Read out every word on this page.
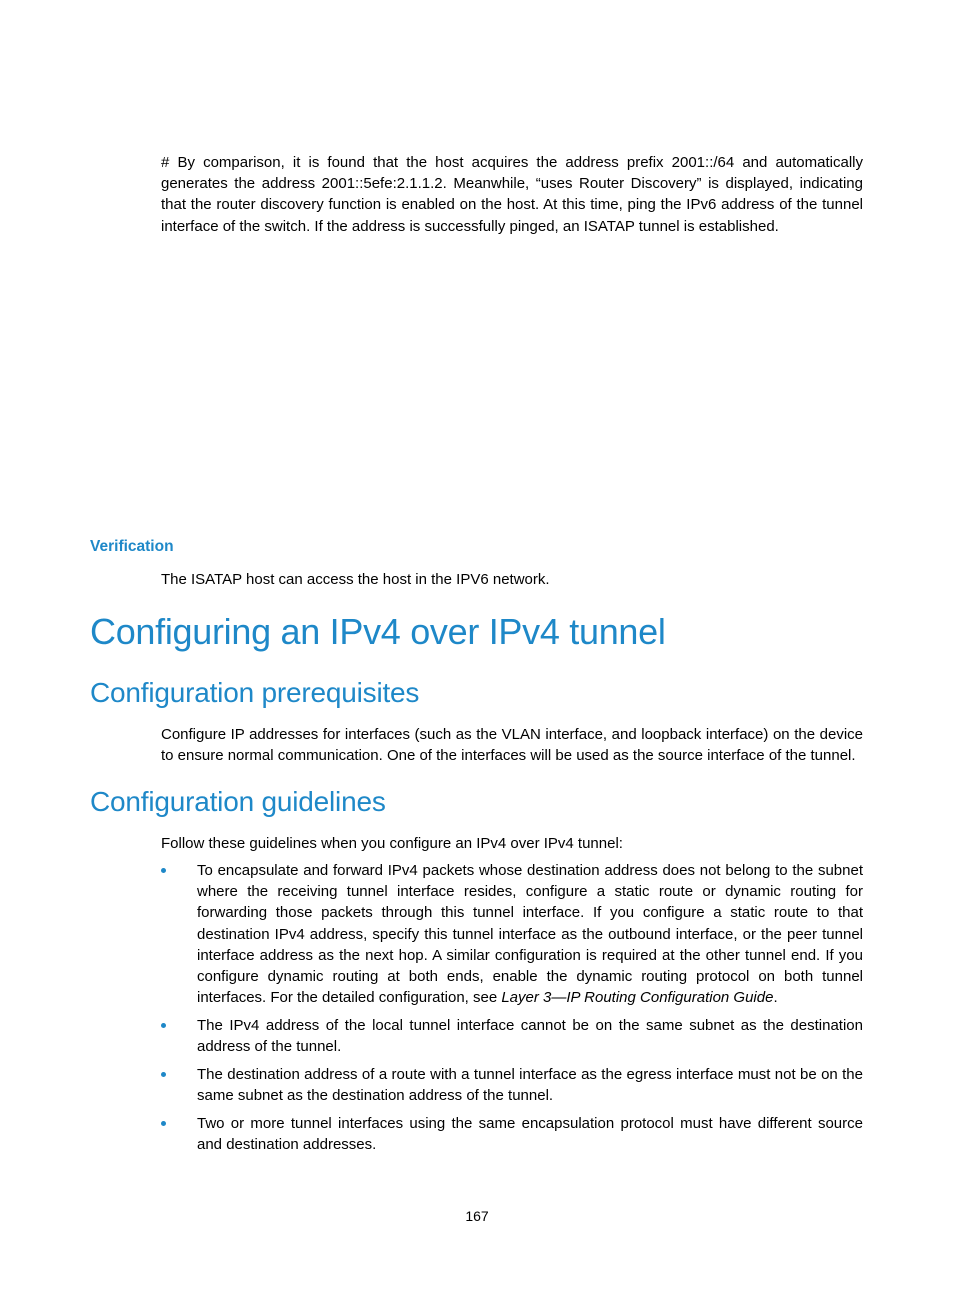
# By comparison, it is found that the host acquires the address prefix 2001::/64 and automatically generates the address 2001::5efe:2.1.1.2. Meanwhile, “uses Router Discovery” is displayed, indicating that the router discovery function is enabled on the host. At this time, ping the IPv6 address of the tunnel interface of the switch. If the address is successfully pinged, an ISATAP tunnel is established.

Verification

The ISATAP host can access the host in the IPV6 network.

Configuring an IPv4 over IPv4 tunnel
Configuration prerequisites

Configure IP addresses for interfaces (such as the VLAN interface, and loopback interface) on the device to ensure normal communication. One of the interfaces will be used as the source interface of the tunnel.

Configuration guidelines

Follow these guidelines when you configure an IPv4 over IPv4 tunnel:

To encapsulate and forward IPv4 packets whose destination address does not belong to the subnet where the receiving tunnel interface resides, configure a static route or dynamic routing for forwarding those packets through this tunnel interface. If you configure a static route to that destination IPv4 address, specify this tunnel interface as the outbound interface, or the peer tunnel interface address as the next hop. A similar configuration is required at the other tunnel end. If you configure dynamic routing at both ends, enable the dynamic routing protocol on both tunnel interfaces. For the detailed configuration, see Layer 3—IP Routing Configuration Guide.
The IPv4 address of the local tunnel interface cannot be on the same subnet as the destination address of the tunnel.
The destination address of a route with a tunnel interface as the egress interface must not be on the same subnet as the destination address of the tunnel.
Two or more tunnel interfaces using the same encapsulation protocol must have different source and destination addresses.

167
